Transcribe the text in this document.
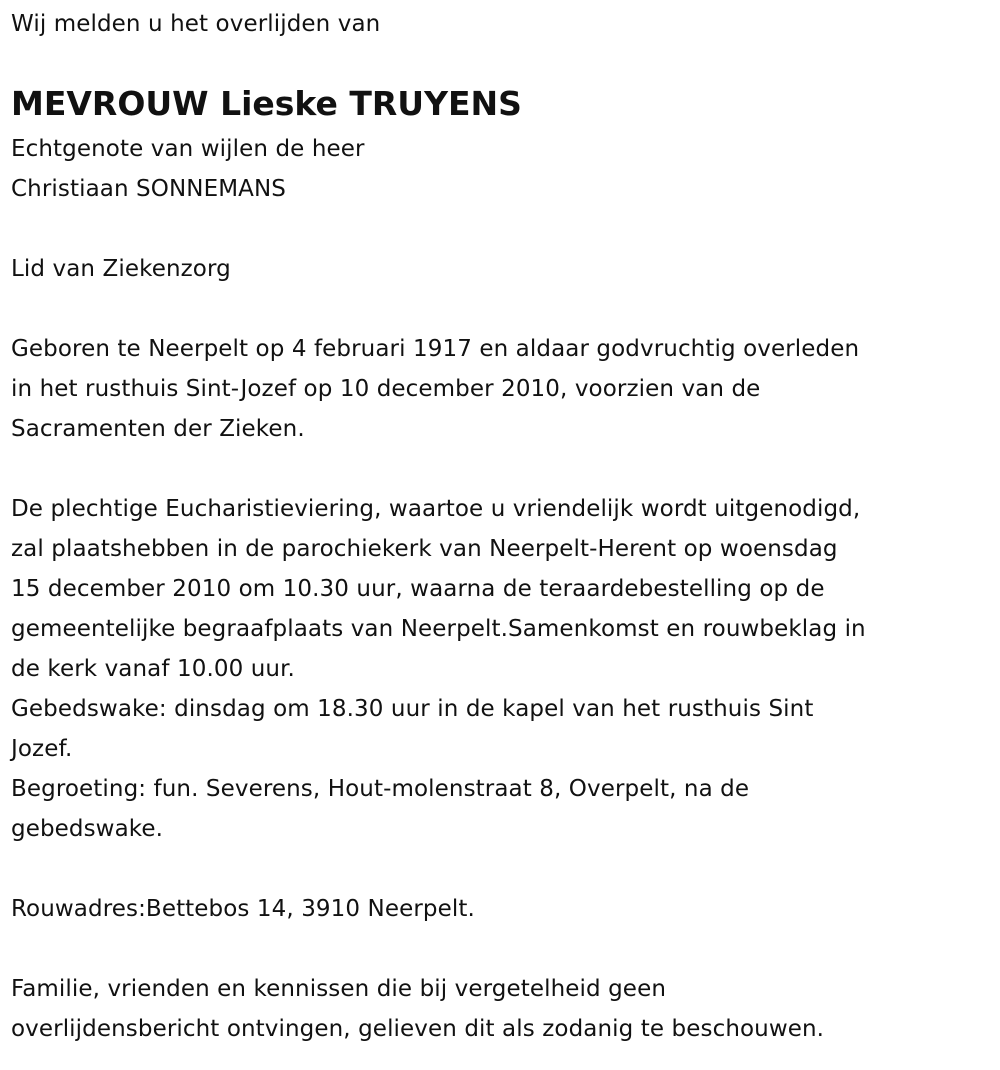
Wij melden u het overlijden van
MEVROUW Lieske TRUYENS
Echtgenote van wijlen de heer
Christiaan SONNEMANS
Lid van Ziekenzorg
Geboren te Neerpelt op 4 februari 1917 en aldaar godvruchtig overleden
in het rusthuis Sint-Jozef op 10 december 2010, voorzien van de
Sacramenten der Zieken.
De plechtige Eucharistieviering, waartoe u vriendelijk wordt uitgenodigd,
zal plaatshebben in de parochiekerk van Neerpelt-Herent op woensdag
15 december 2010 om 10.30 uur, waarna de teraardebestelling op de
gemeentelijke begraafplaats van Neerpelt.Samenkomst en rouwbeklag in
de kerk vanaf 10.00 uur.
Gebedswake: dinsdag om 18.30 uur in de kapel van het rusthuis Sint
Jozef.
Begroeting: fun. Severens, Hout-molenstraat 8, Overpelt, na de
gebedswake.
Rouwadres:Bettebos 14, 3910 Neerpelt.
Familie, vrienden en kennissen die bij vergetelheid geen
overlijdensbericht ontvingen, gelieven dit als zodanig te beschouwen.
